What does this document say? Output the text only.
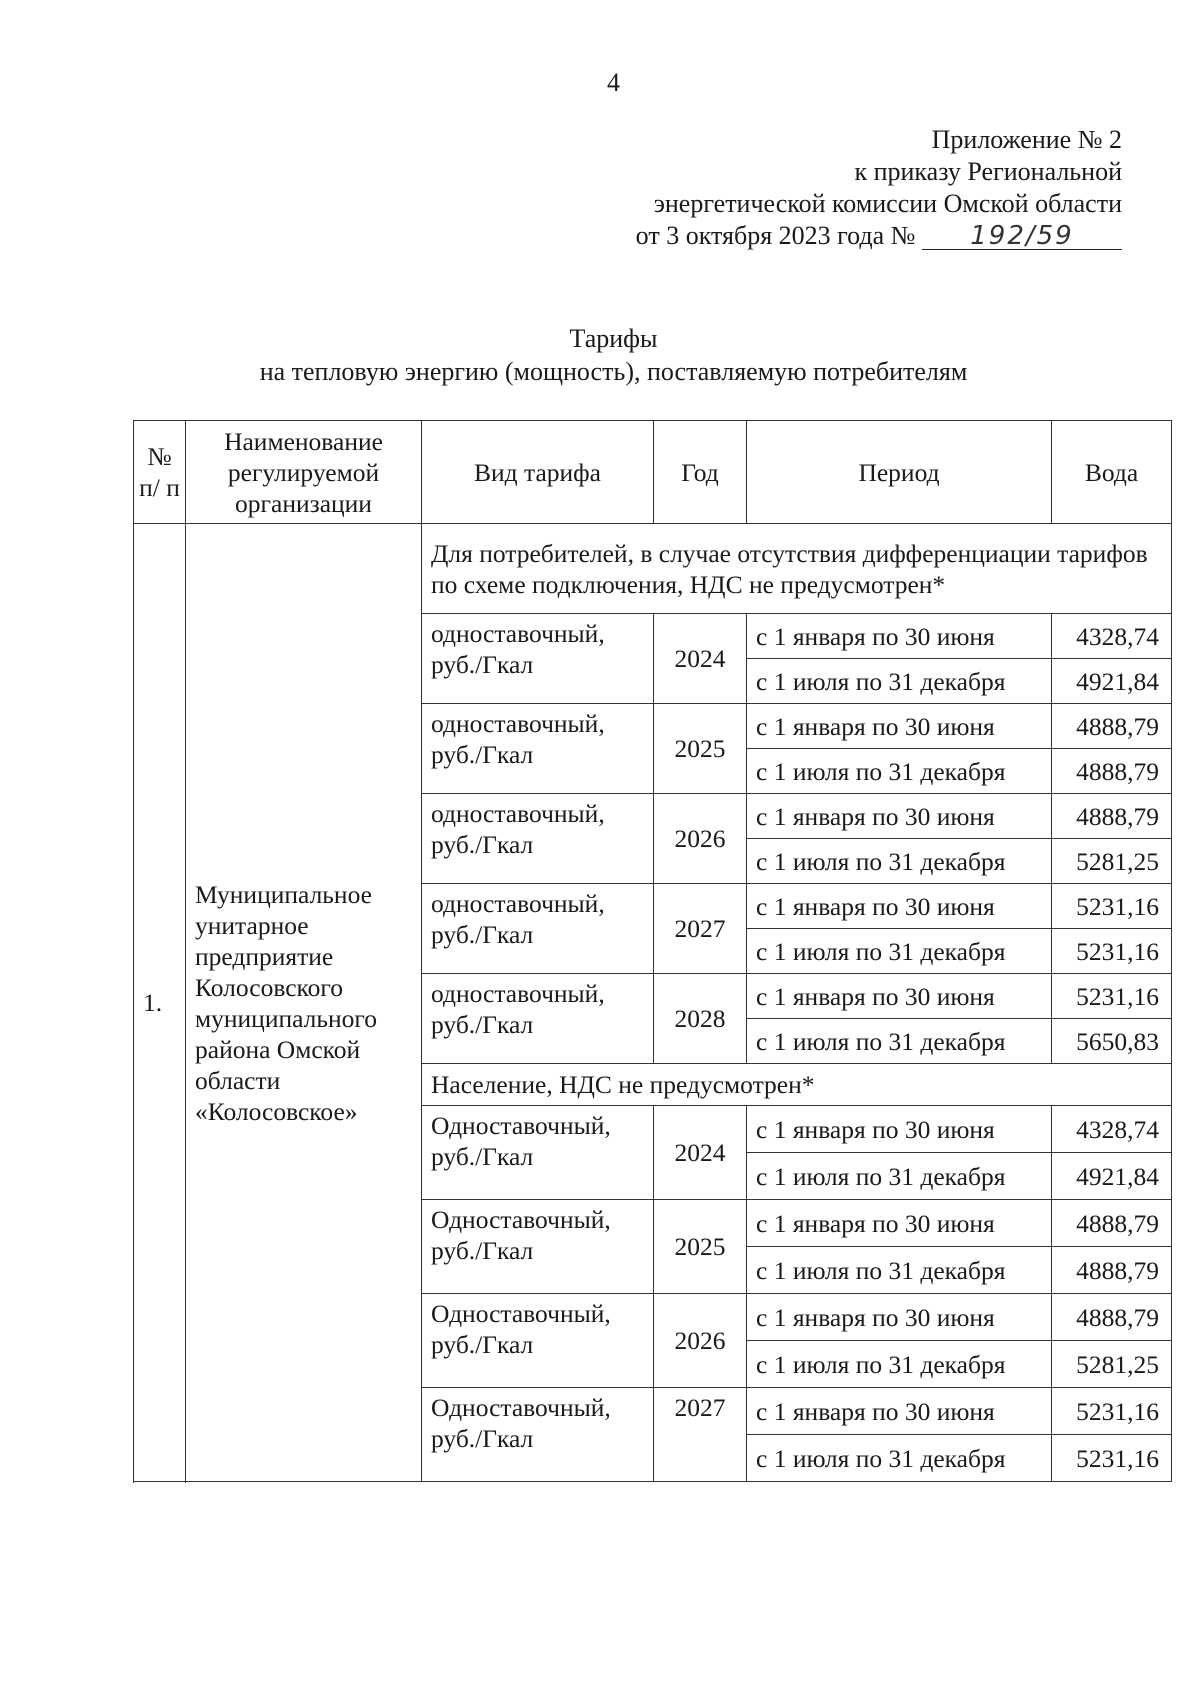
4
Приложение № 2
к приказу Региональной
энергетической комиссии Омской области
от 3 октября 2023 года № 192/59
Тарифы
на тепловую энергию (мощность), поставляемую потребителям
№ п/ п	Наименование регулируемой организации	Вид тарифа	Год	Период	Вода
1.	Муниципальное унитарное предприятие Колосовского муниципального района Омской области «Колосовское»	Для потребителей, в случае отсутствия дифференциации тарифов по схеме подключения, НДС не предусмотрен*			
		одноставочный, руб./Гкал	2024	с 1 января по 30 июня	4328,74
				с 1 июля по 31 декабря	4921,84
		одноставочный, руб./Гкал	2025	с 1 января по 30 июня	4888,79
				с 1 июля по 31 декабря	4888,79
		одноставочный, руб./Гкал	2026	с 1 января по 30 июня	4888,79
				с 1 июля по 31 декабря	5281,25
		одноставочный, руб./Гкал	2027	с 1 января по 30 июня	5231,16
				с 1 июля по 31 декабря	5231,16
		одноставочный, руб./Гкал	2028	с 1 января по 30 июня	5231,16
				с 1 июля по 31 декабря	5650,83
		Население, НДС не предусмотрен*			
		Одноставочный, руб./Гкал	2024	с 1 января по 30 июня	4328,74
				с 1 июля по 31 декабря	4921,84
		Одноставочный, руб./Гкал	2025	с 1 января по 30 июня	4888,79
				с 1 июля по 31 декабря	4888,79
		Одноставочный, руб./Гкал	2026	с 1 января по 30 июня	4888,79
				с 1 июля по 31 декабря	5281,25
		Одноставочный, руб./Гкал	2027	с 1 января по 30 июня	5231,16
				с 1 июля по 31 декабря	5231,16
